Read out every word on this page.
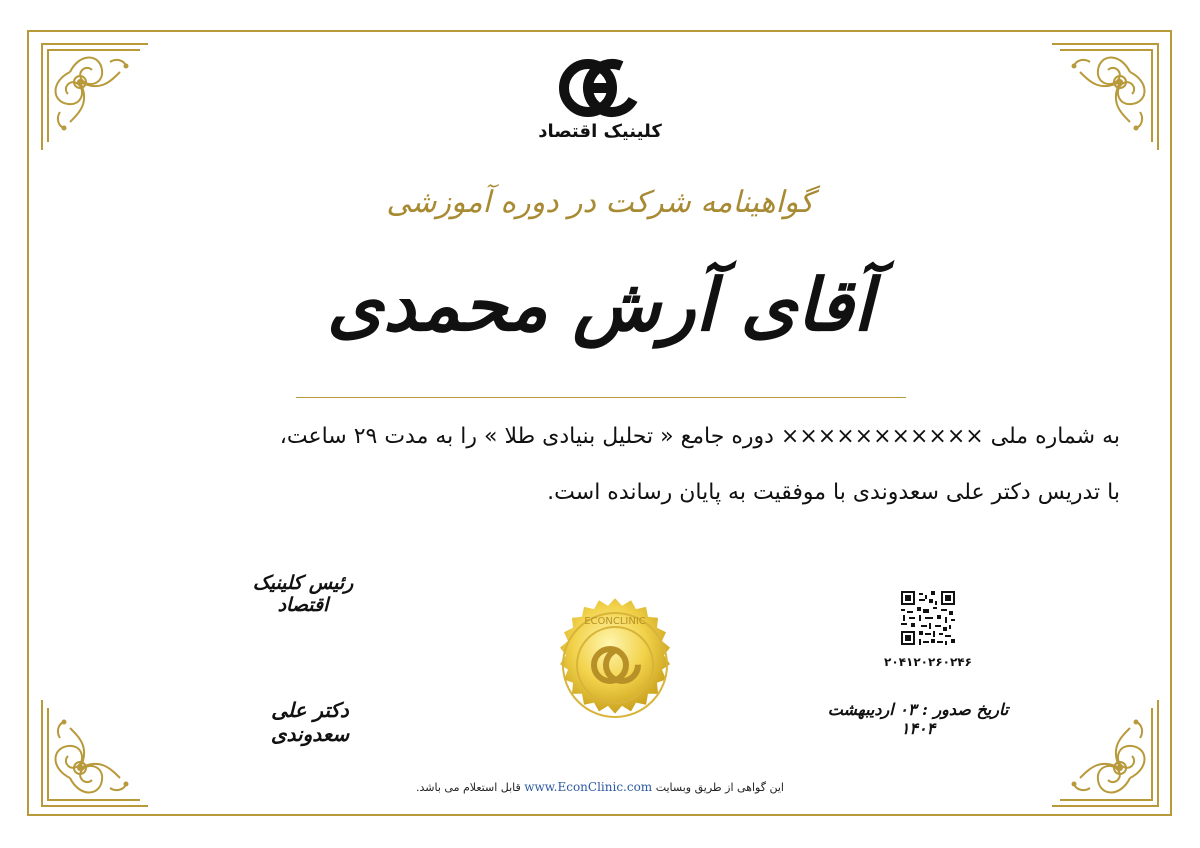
کلینیک اقتصاد
گواهینامه شرکت در دوره آموزشی
آقای آرش محمدی
به شماره ملی ××××××××××× دوره جامع « تحلیل بنیادی طلا » را به مدت ۲۹ ساعت،
با تدریس دکتر علی سعدوندی با موفقیت به پایان رسانده است.
رئیس کلینیک اقتصاد
دکتر علی سعدوندی
ECONCLINIC
۲۰۴۱۲۰۲۶۰۲۴۶
تاریخ صدور : ۰۳ اردیبهشت ۱۴۰۴
این گواهی از طریق وبسایت www.EconClinic.com قابل استعلام می باشد.
